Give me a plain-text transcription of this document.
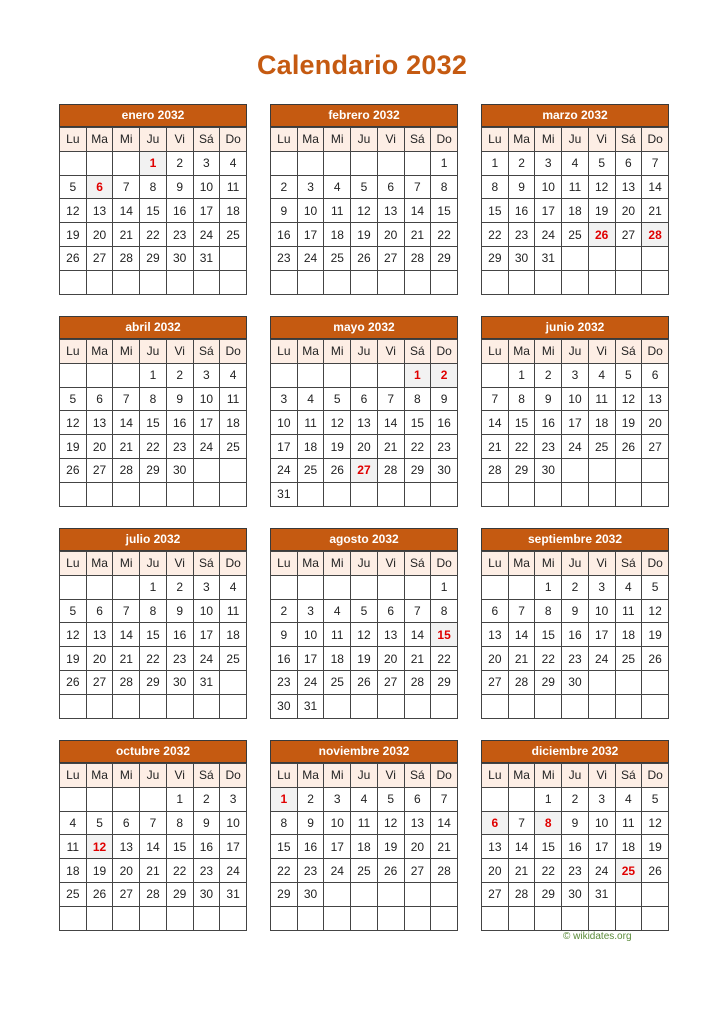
Calendario 2032
enero 2032
Lu	Ma	Mi	Ju	Vi	Sá	Do
			1	2	3	4
5	6	7	8	9	10	11
12	13	14	15	16	17	18
19	20	21	22	23	24	25
26	27	28	29	30	31	

febrero 2032
Lu	Ma	Mi	Ju	Vi	Sá	Do
						1
2	3	4	5	6	7	8
9	10	11	12	13	14	15
16	17	18	19	20	21	22
23	24	25	26	27	28	29

marzo 2032
Lu	Ma	Mi	Ju	Vi	Sá	Do
1	2	3	4	5	6	7
8	9	10	11	12	13	14
15	16	17	18	19	20	21
22	23	24	25	26	27	28
29	30	31				

abril 2032
Lu	Ma	Mi	Ju	Vi	Sá	Do
			1	2	3	4
5	6	7	8	9	10	11
12	13	14	15	16	17	18
19	20	21	22	23	24	25
26	27	28	29	30		

mayo 2032
Lu	Ma	Mi	Ju	Vi	Sá	Do
					1	2
3	4	5	6	7	8	9
10	11	12	13	14	15	16
17	18	19	20	21	22	23
24	25	26	27	28	29	30
31						
junio 2032
Lu	Ma	Mi	Ju	Vi	Sá	Do
	1	2	3	4	5	6
7	8	9	10	11	12	13
14	15	16	17	18	19	20
21	22	23	24	25	26	27
28	29	30				

julio 2032
Lu	Ma	Mi	Ju	Vi	Sá	Do
			1	2	3	4
5	6	7	8	9	10	11
12	13	14	15	16	17	18
19	20	21	22	23	24	25
26	27	28	29	30	31	

agosto 2032
Lu	Ma	Mi	Ju	Vi	Sá	Do
						1
2	3	4	5	6	7	8
9	10	11	12	13	14	15
16	17	18	19	20	21	22
23	24	25	26	27	28	29
30	31					
septiembre 2032
Lu	Ma	Mi	Ju	Vi	Sá	Do
		1	2	3	4	5
6	7	8	9	10	11	12
13	14	15	16	17	18	19
20	21	22	23	24	25	26
27	28	29	30			

octubre 2032
Lu	Ma	Mi	Ju	Vi	Sá	Do
				1	2	3
4	5	6	7	8	9	10
11	12	13	14	15	16	17
18	19	20	21	22	23	24
25	26	27	28	29	30	31

noviembre 2032
Lu	Ma	Mi	Ju	Vi	Sá	Do
1	2	3	4	5	6	7
8	9	10	11	12	13	14
15	16	17	18	19	20	21
22	23	24	25	26	27	28
29	30					

diciembre 2032
Lu	Ma	Mi	Ju	Vi	Sá	Do
		1	2	3	4	5
6	7	8	9	10	11	12
13	14	15	16	17	18	19
20	21	22	23	24	25	26
27	28	29	30	31		

© wikidates.org
